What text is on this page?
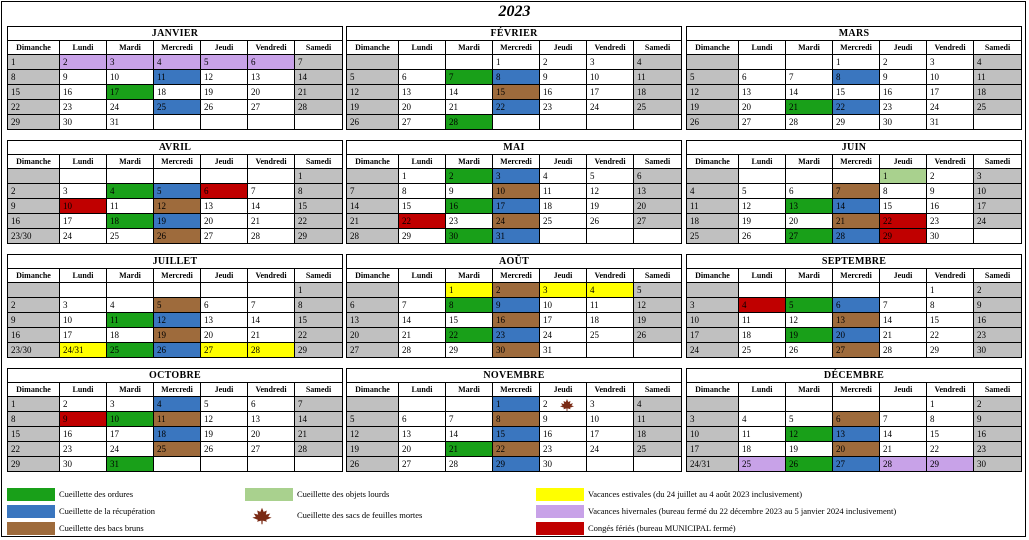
2023
JANVIER						
Dimanche	Lundi	Mardi	Mercredi	Jeudi	Vendredi	Samedi
1	2	3	4	5	6	7
8	9	10	11	12	13	14
15	16	17	18	19	20	21
22	23	24	25	26	27	28
29	30	31				
FÉVRIER						
Dimanche	Lundi	Mardi	Mercredi	Jeudi	Vendredi	Samedi
			1	2	3	4
5	6	7	8	9	10	11
12	13	14	15	16	17	18
19	20	21	22	23	24	25
26	27	28				
MARS						
Dimanche	Lundi	Mardi	Mercredi	Jeudi	Vendredi	Samedi
			1	2	3	4
5	6	7	8	9	10	11
12	13	14	15	16	17	18
19	20	21	22	23	24	25
26	27	28	29	30	31	
AVRIL						
Dimanche	Lundi	Mardi	Mercredi	Jeudi	Vendredi	Samedi
						1
2	3	4	5	6	7	8
9	10	11	12	13	14	15
16	17	18	19	20	21	22
23/30	24	25	26	27	28	29
MAI						
Dimanche	Lundi	Mardi	Mercredi	Jeudi	Vendredi	Samedi
	1	2	3	4	5	6
7	8	9	10	11	12	13
14	15	16	17	18	19	20
21	22	23	24	25	26	27
28	29	30	31			
JUIN						
Dimanche	Lundi	Mardi	Mercredi	Jeudi	Vendredi	Samedi
				1	2	3
4	5	6	7	8	9	10
11	12	13	14	15	16	17
18	19	20	21	22	23	24
25	26	27	28	29	30	
JUILLET						
Dimanche	Lundi	Mardi	Mercredi	Jeudi	Vendredi	Samedi
						1
2	3	4	5	6	7	8
9	10	11	12	13	14	15
16	17	18	19	20	21	22
23/30	24/31	25	26	27	28	29
AOÛT						
Dimanche	Lundi	Mardi	Mercredi	Jeudi	Vendredi	Samedi
		1	2	3	4	5
6	7	8	9	10	11	12
13	14	15	16	17	18	19
20	21	22	23	24	25	26
27	28	29	30	31		
SEPTEMBRE						
Dimanche	Lundi	Mardi	Mercredi	Jeudi	Vendredi	Samedi
					1	2
3	4	5	6	7	8	9
10	11	12	13	14	15	16
17	18	19	20	21	22	23
24	25	26	27	28	29	30
OCTOBRE						
Dimanche	Lundi	Mardi	Mercredi	Jeudi	Vendredi	Samedi
1	2	3	4	5	6	7
8	9	10	11	12	13	14
15	16	17	18	19	20	21
22	23	24	25	26	27	28
29	30	31				
NOVEMBRE						
Dimanche	Lundi	Mardi	Mercredi	Jeudi	Vendredi	Samedi
			1	2	3	4
5	6	7	8	9	10	11
12	13	14	15	16	17	18
19	20	21	22	23	24	25
26	27	28	29	30		
DÉCEMBRE						
Dimanche	Lundi	Mardi	Mercredi	Jeudi	Vendredi	Samedi
					1	2
3	4	5	6	7	8	9
10	11	12	13	14	15	16
17	18	19	20	21	22	23
24/31	25	26	27	28	29	30
Cueillette des ordures
Cueillette de la récupération
Cueillette des bacs bruns
Cueillette des objets lourds
Cueillette des sacs de feuilles mortes
Vacances estivales (du 24 juillet au 4 août 2023 inclusivement)
Vacances hivernales (bureau fermé du 22 décembre 2023 au 5 janvier 2024 inclusivement)
Congés fériés (bureau MUNICIPAL fermé)
